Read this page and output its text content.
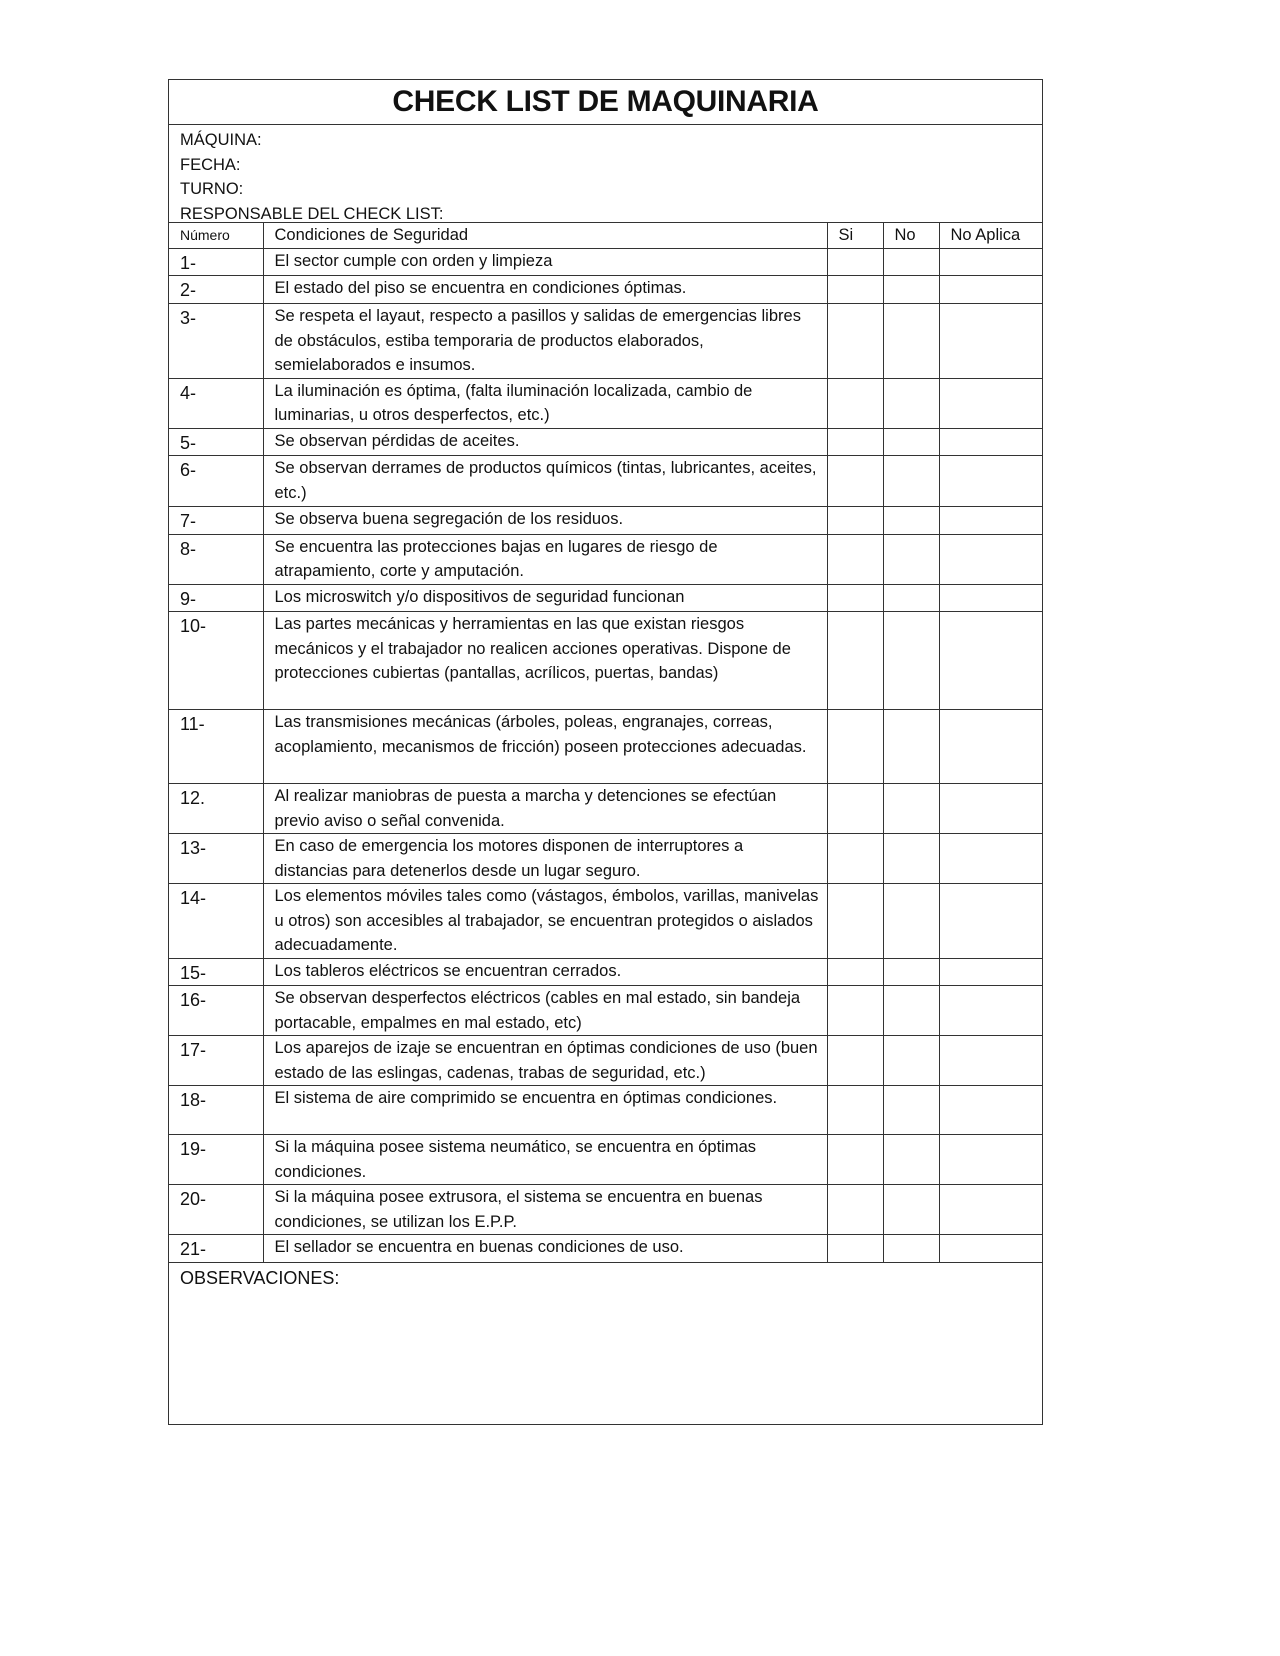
CHECK LIST DE MAQUINARIA
MÁQUINA:
FECHA:
TURNO:
RESPONSABLE DEL CHECK LIST:
Número	Condiciones de Seguridad	Si	No	No Aplica
1-	El sector cumple con orden y limpieza			
2-	El estado del piso se encuentra en condiciones óptimas.			
3-	Se respeta el layaut, respecto a pasillos y salidas de emergencias libres de obstáculos, estiba temporaria de productos elaborados, semielaborados e insumos.			
4-	La iluminación es óptima, (falta iluminación localizada, cambio de luminarias, u otros desperfectos, etc.)			
5-	Se observan pérdidas de aceites.			
6-	Se observan derrames de productos químicos (tintas, lubricantes, aceites, etc.)			
7-	Se observa buena segregación de los residuos.			
8-	Se encuentra las protecciones bajas en lugares de riesgo de atrapamiento, corte y amputación.			
9-	Los microswitch y/o dispositivos de seguridad funcionan			
10-	Las partes mecánicas y herramientas en las que existan riesgos mecánicos y el trabajador no realicen acciones operativas. Dispone de protecciones cubiertas (pantallas, acrílicos, puertas, bandas)			
11-	Las transmisiones mecánicas (árboles, poleas, engranajes, correas, acoplamiento, mecanismos de fricción) poseen protecciones adecuadas.			
12.	Al realizar maniobras de puesta a marcha y detenciones se efectúan previo aviso o señal convenida.			
13-	En caso de emergencia los motores disponen de interruptores a distancias para detenerlos desde un lugar seguro.			
14-	Los elementos móviles tales como (vástagos, émbolos, varillas, manivelas u otros) son accesibles al trabajador, se encuentran protegidos o aislados adecuadamente.			
15-	Los tableros eléctricos se encuentran cerrados.			
16-	Se observan desperfectos eléctricos (cables en mal estado, sin bandeja portacable, empalmes en mal estado, etc)			
17-	Los aparejos de izaje se encuentran en óptimas condiciones de uso (buen estado de las eslingas, cadenas, trabas de seguridad, etc.)			
18-	El sistema de aire comprimido se encuentra en óptimas condiciones.			
19-	Si la máquina posee sistema neumático, se encuentra en óptimas condiciones.			
20-	Si la máquina posee extrusora, el sistema se encuentra en buenas condiciones, se utilizan los E.P.P.			
21-	El sellador se encuentra en buenas condiciones de uso.			
OBSERVACIONES:
